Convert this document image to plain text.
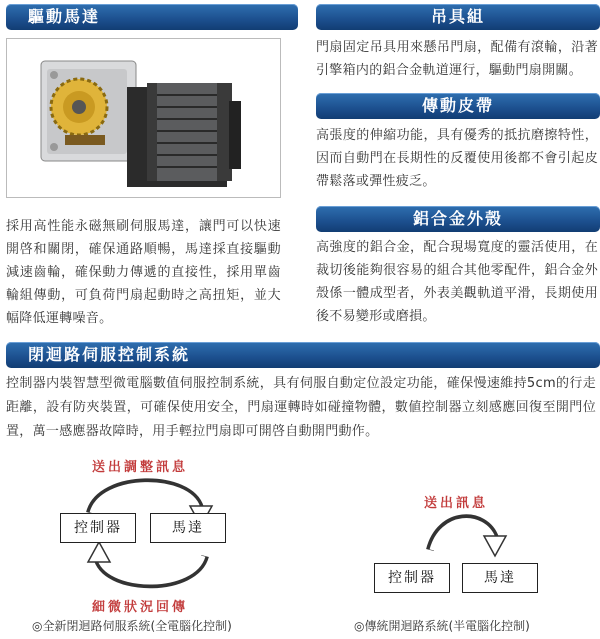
驅動馬達
採用高性能永磁無刷伺服馬達，讓門可以快速開啓和關閉，確保通路順暢，馬達採直接驅動減速齒輪，確保動力傳遞的直接性，採用單齒輪組傳動，可負荷門扇起動時之高扭矩，並大幅降低運轉噪音。
吊具組
門扇固定吊具用來懸吊門扇，配備有滾輪，沿著引擎箱内的鋁合金軌道運行，驅動門扇開關。
傳動皮帶
高張度的伸縮功能，具有優秀的抵抗磨擦特性，因而自動門在長期性的反覆使用後都不會引起皮帶鬆落或彈性疲乏。
鋁合金外殼
高強度的鋁合金，配合現場寬度的靈活使用，在裁切後能夠很容易的組合其他零配件，鋁合金外殼係一體成型者，外表美觀軌道平滑，長期使用後不易變形或磨損。
閉迴路伺服控制系統
控制器内裝智慧型微電腦數值伺服控制系統，具有伺服自動定位設定功能，確保慢速維持5cm的行走距離，設有防夾裝置，可確保使用安全，門扇運轉時如碰撞物體，數値控制器立刻感應回復至開門位置，萬一感應器故障時，用手輕拉門扇即可開啓自動開門動作。
送出調整訊息
控制器	馬達
細微狀況回傳
◎全新閉迴路伺服系統(全電腦化控制)
送出訊息
控制器	馬達
◎傳統開迴路系統(半電腦化控制)
